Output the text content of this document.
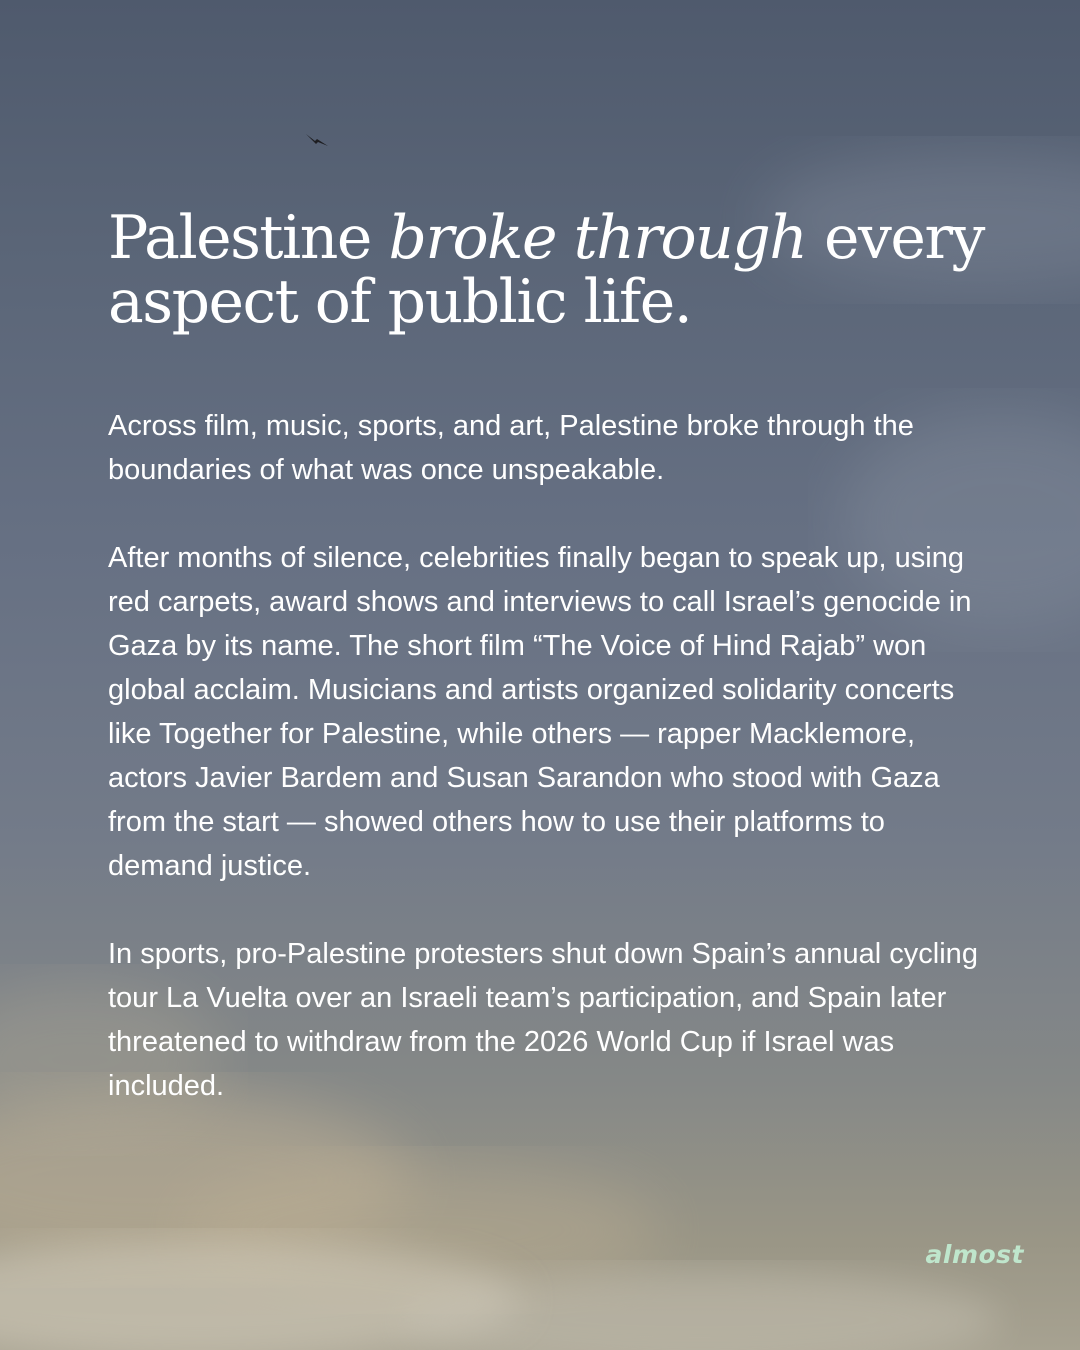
Palestine broke through every aspect of public life.

Across film, music, sports, and art, Palestine broke through the boundaries of what was once unspeakable.

After months of silence, celebrities finally began to speak up, using red carpets, award shows and interviews to call Israel’s genocide in Gaza by its name. The short film “The Voice of Hind Rajab” won global acclaim. Musicians and artists organized solidarity concerts like Together for Palestine, while others — rapper Macklemore, actors Javier Bardem and Susan Sarandon who stood with Gaza from the start — showed others how to use their platforms to demand justice.

In sports, pro-Palestine protesters shut down Spain’s annual cycling tour La Vuelta over an Israeli team’s participation, and Spain later threatened to withdraw from the 2026 World Cup if Israel was included.

almost
